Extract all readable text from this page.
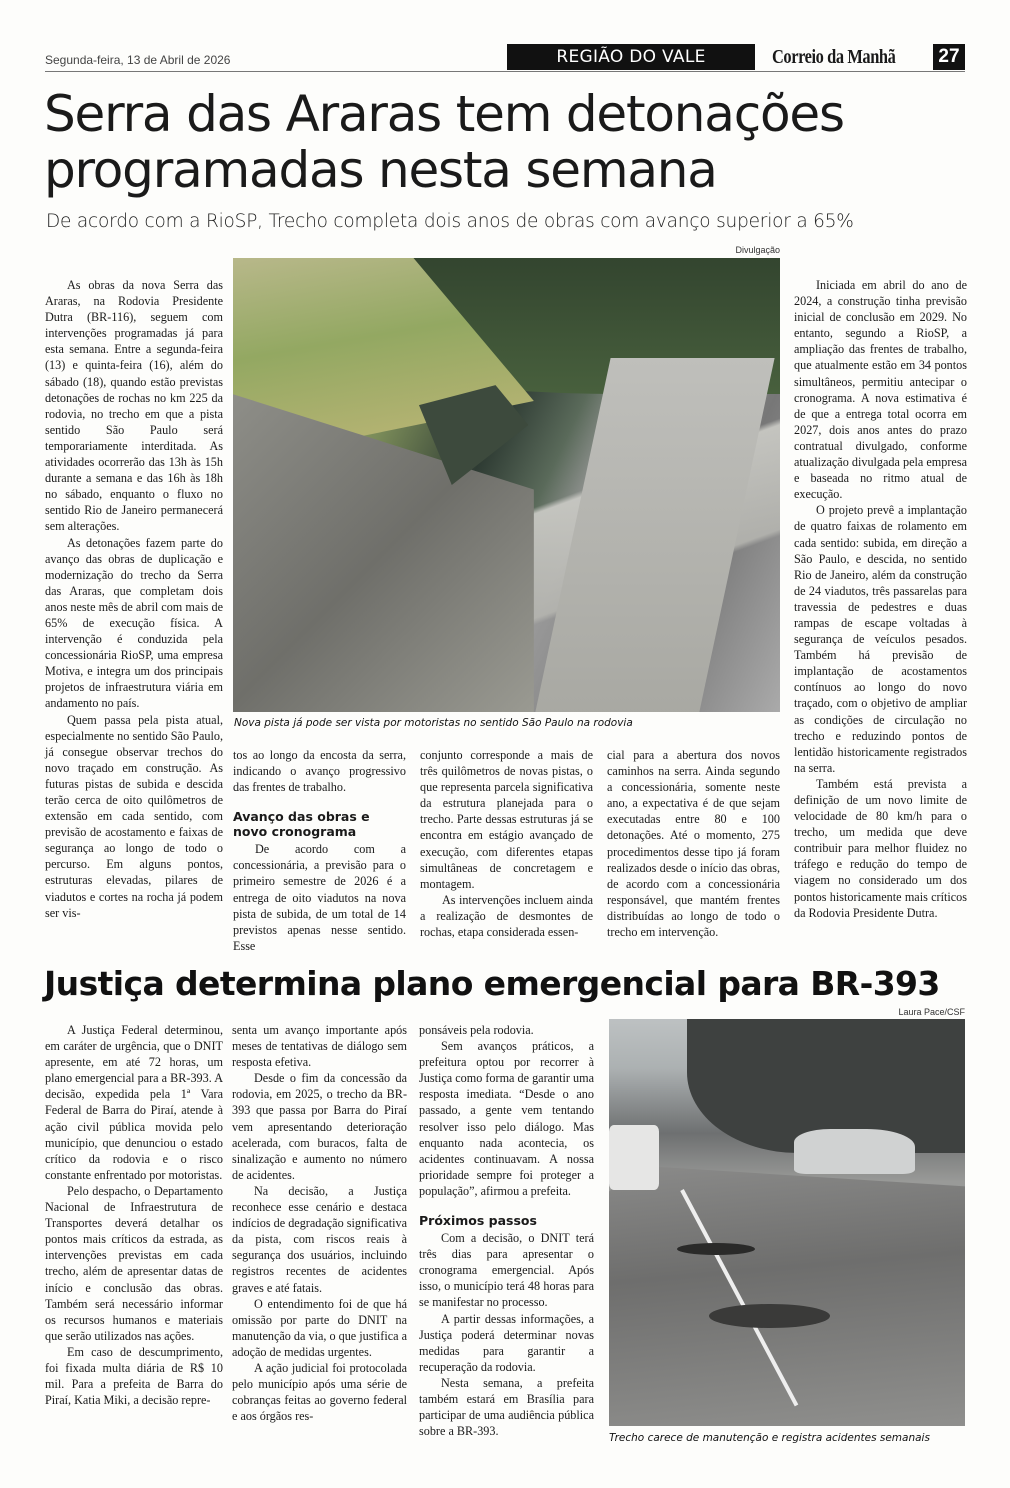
Segunda-feira, 13 de Abril de 2026	REGIÃO DO VALE	Correio da Manhã 27
Serra das Araras tem detonações programadas nesta semana
De acordo com a RioSP, Trecho completa dois anos de obras com avanço superior a 65%
Divulgação
Nova pista já pode ser vista por motoristas no sentido São Paulo na rodovia

As obras da nova Serra das Araras, na Rodovia Presidente Dutra (BR-116), seguem com intervenções programadas já para esta semana. Entre a segunda-feira (13) e quinta-feira (16), além do sábado (18), quando estão previstas detonações de rochas no km 225 da rodovia, no trecho em que a pista sentido São Paulo será temporariamente interditada. As atividades ocorrerão das 13h às 15h durante a semana e das 16h às 18h no sábado, enquanto o fluxo no sentido Rio de Janeiro permanecerá sem alterações.

As detonações fazem parte do avanço das obras de duplicação e modernização do trecho da Serra das Araras, que completam dois anos neste mês de abril com mais de 65% de execução física. A intervenção é conduzida pela concessionária RioSP, uma empresa Motiva, e integra um dos principais projetos de infraestrutura viária em andamento no país.

Quem passa pela pista atual, especialmente no sentido São Paulo, já consegue observar trechos do novo traçado em construção. As futuras pistas de subida e descida terão cerca de oito quilômetros de extensão em cada sentido, com previsão de acostamento e faixas de segurança ao longo de todo o percurso. Em alguns pontos, estruturas elevadas, pilares de viadutos e cortes na rocha já podem ser vis-

tos ao longo da encosta da serra, indicando o avanço progressivo das frentes de trabalho.

Avanço das obras e novo cronograma

De acordo com a concessionária, a previsão para o primeiro semestre de 2026 é a entrega de oito viadutos na nova pista de subida, de um total de 14 previstos apenas nesse sentido. Esse

conjunto corresponde a mais de três quilômetros de novas pistas, o que representa parcela significativa da estrutura planejada para o trecho. Parte dessas estruturas já se encontra em estágio avançado de execução, com diferentes etapas simultâneas de concretagem e montagem.

As intervenções incluem ainda a realização de desmontes de rochas, etapa considerada essen-

cial para a abertura dos novos caminhos na serra. Ainda segundo a concessionária, somente neste ano, a expectativa é de que sejam executadas entre 80 e 100 detonações. Até o momento, 275 procedimentos desse tipo já foram realizados desde o início das obras, de acordo com a concessionária responsável, que mantém frentes distribuídas ao longo de todo o trecho em intervenção.

Iniciada em abril do ano de 2024, a construção tinha previsão inicial de conclusão em 2029. No entanto, segundo a RioSP, a ampliação das frentes de trabalho, que atualmente estão em 34 pontos simultâneos, permitiu antecipar o cronograma. A nova estimativa é de que a entrega total ocorra em 2027, dois anos antes do prazo contratual divulgado, conforme atualização divulgada pela empresa e baseada no ritmo atual de execução.

O projeto prevê a implantação de quatro faixas de rolamento em cada sentido: subida, em direção a São Paulo, e descida, no sentido Rio de Janeiro, além da construção de 24 viadutos, três passarelas para travessia de pedestres e duas rampas de escape voltadas à segurança de veículos pesados. Também há previsão de implantação de acostamentos contínuos ao longo do novo traçado, com o objetivo de ampliar as condições de circulação no trecho e reduzindo pontos de lentidão historicamente registrados na serra.

Também está prevista a definição de um novo limite de velocidade de 80 km/h para o trecho, um medida que deve contribuir para melhor fluidez no tráfego e redução do tempo de viagem no considerado um dos pontos historicamente mais críticos da Rodovia Presidente Dutra.

Justiça determina plano emergencial para BR-393

A Justiça Federal determinou, em caráter de urgência, que o DNIT apresente, em até 72 horas, um plano emergencial para a BR-393. A decisão, expedida pela 1ª Vara Federal de Barra do Piraí, atende à ação civil pública movida pelo município, que denunciou o estado crítico da rodovia e o risco constante enfrentado por motoristas.

Pelo despacho, o Departamento Nacional de Infraestrutura de Transportes deverá detalhar os pontos mais críticos da estrada, as intervenções previstas em cada trecho, além de apresentar datas de início e conclusão das obras. Também será necessário informar os recursos humanos e materiais que serão utilizados nas ações.

Em caso de descumprimento, foi fixada multa diária de R$ 10 mil. Para a prefeita de Barra do Piraí, Katia Miki, a decisão repre-

senta um avanço importante após meses de tentativas de diálogo sem resposta efetiva.

Desde o fim da concessão da rodovia, em 2025, o trecho da BR-393 que passa por Barra do Piraí vem apresentando deterioração acelerada, com buracos, falta de sinalização e aumento no número de acidentes.

Na decisão, a Justiça reconhece esse cenário e destaca indícios de degradação significativa da pista, com riscos reais à segurança dos usuários, incluindo registros recentes de acidentes graves e até fatais.

O entendimento foi de que há omissão por parte do DNIT na manutenção da via, o que justifica a adoção de medidas urgentes.

A ação judicial foi protocolada pelo município após uma série de cobranças feitas ao governo federal e aos órgãos res-

ponsáveis pela rodovia.

Sem avanços práticos, a prefeitura optou por recorrer à Justiça como forma de garantir uma resposta imediata. “Desde o ano passado, a gente vem tentando resolver isso pelo diálogo. Mas enquanto nada acontecia, os acidentes continuavam. A nossa prioridade sempre foi proteger a população”, afirmou a prefeita.

Próximos passos

Com a decisão, o DNIT terá três dias para apresentar o cronograma emergencial. Após isso, o município terá 48 horas para se manifestar no processo.

A partir dessas informações, a Justiça poderá determinar novas medidas para garantir a recuperação da rodovia.

Nesta semana, a prefeita também estará em Brasília para participar de uma audiência pública sobre a BR-393.

Laura Pace/CSF
Trecho carece de manutenção e registra acidentes semanais
